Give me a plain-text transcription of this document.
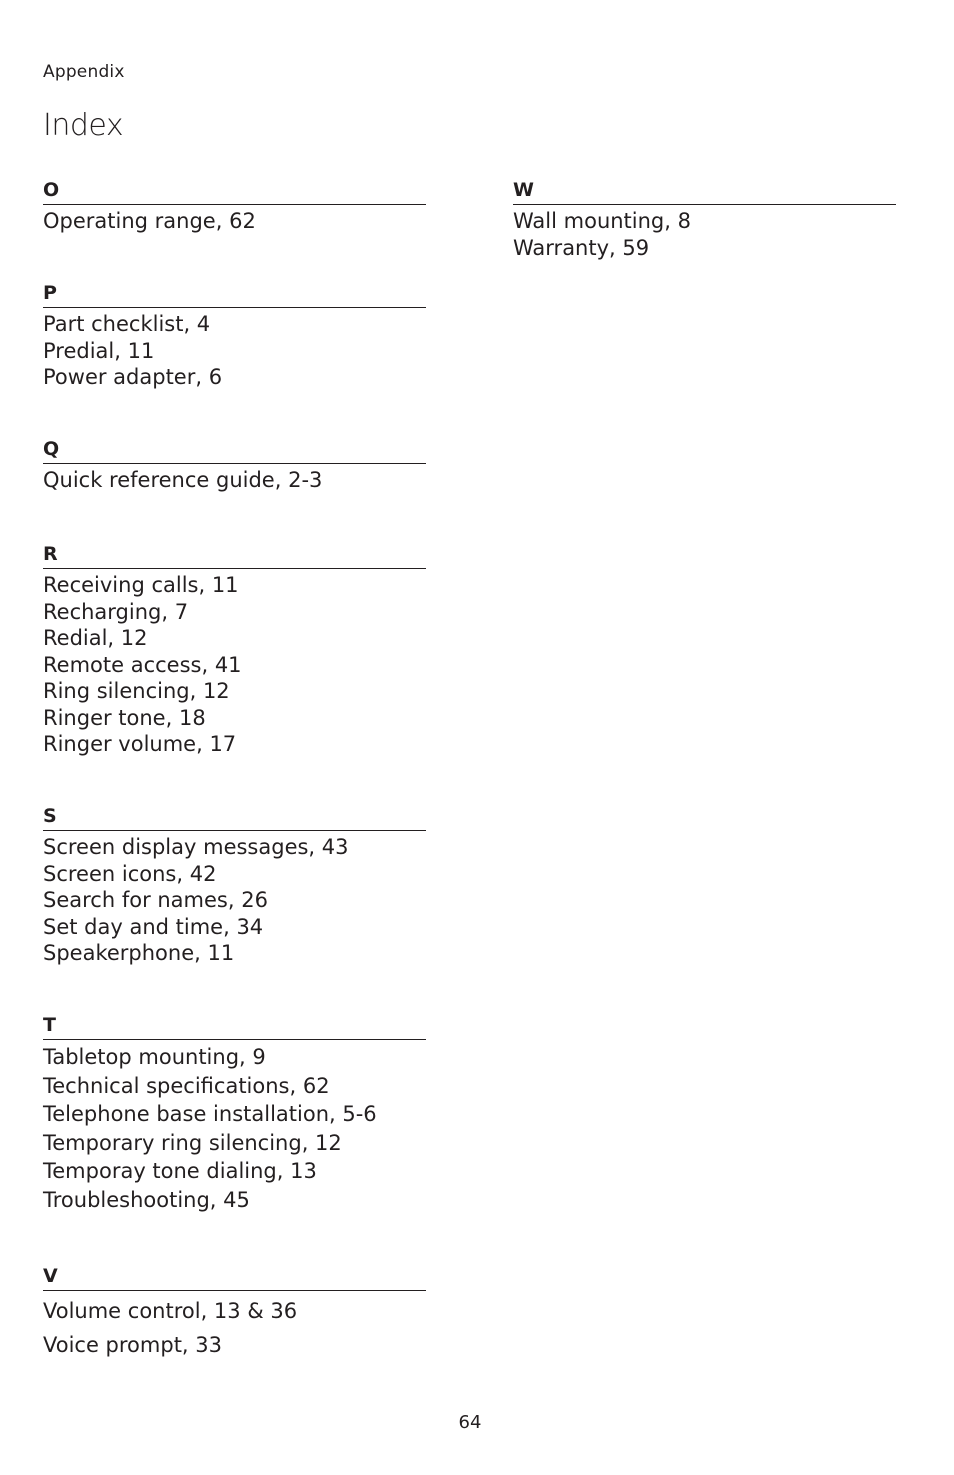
Appendix
Index
O
Operating range, 62
P
Part checklist, 4
Predial, 11
Power adapter, 6
Q
Quick reference guide, 2-3
R
Receiving calls, 11
Recharging, 7
Redial, 12
Remote access, 41
Ring silencing, 12
Ringer tone, 18
Ringer volume, 17
S
Screen display messages, 43
Screen icons, 42
Search for names, 26
Set day and time, 34
Speakerphone, 11
T
Tabletop mounting, 9
Technical specifications, 62
Telephone base installation, 5-6
Temporary ring silencing, 12
Temporay tone dialing, 13
Troubleshooting, 45
V
Volume control, 13 & 36
Voice prompt, 33
W
Wall mounting, 8
Warranty, 59
64
